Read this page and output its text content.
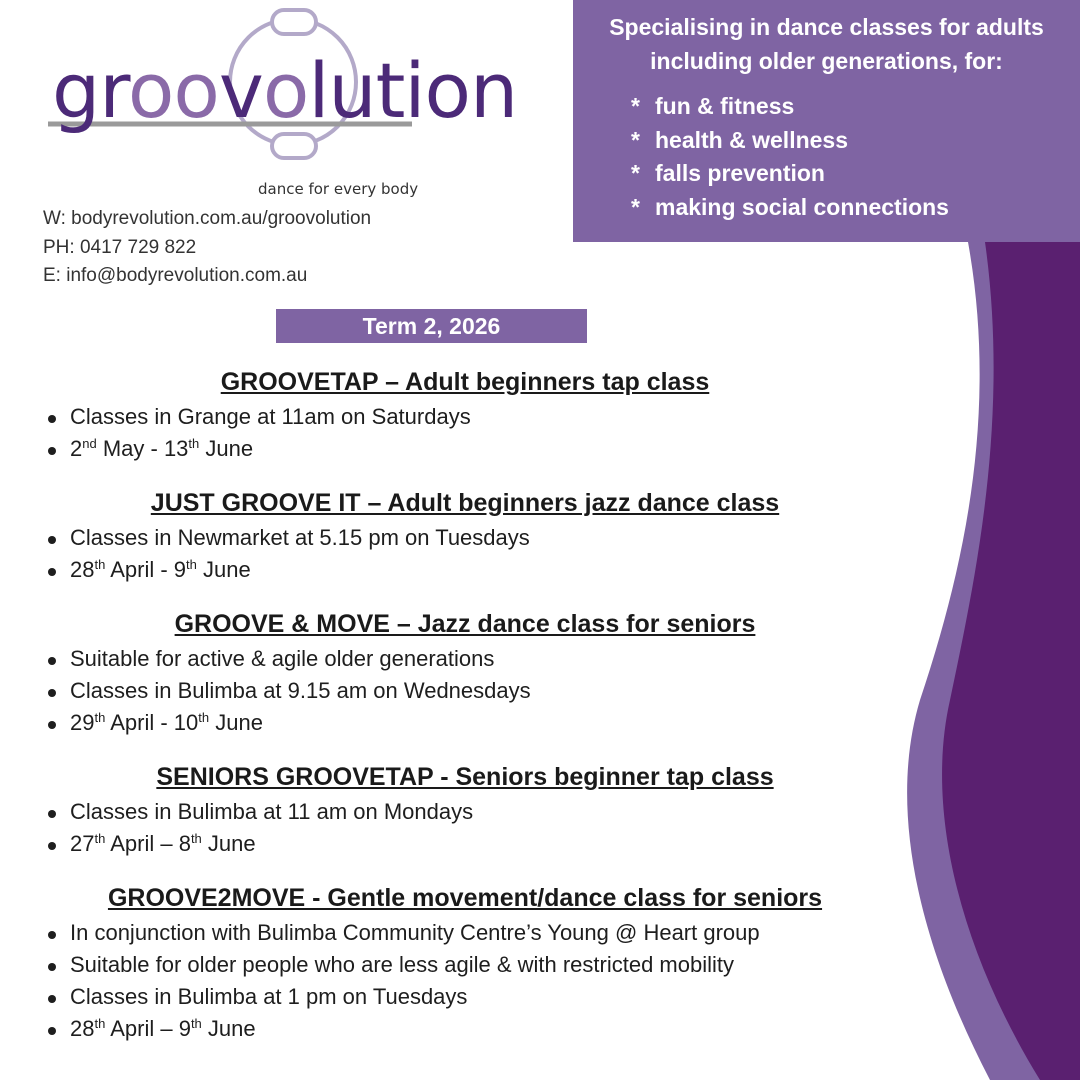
groovolution
dance for every body
W: bodyrevolution.com.au/groovolution
PH: 0417 729 822
E: info@bodyrevolution.com.au
Specialising in dance classes for adults
including older generations, for:
* fun & fitness
* health & wellness
* falls prevention
* making social connections
Term 2, 2026
GROOVETAP – Adult beginners tap class
Classes in Grange at 11am on Saturdays
2nd May - 13th June
JUST GROOVE IT – Adult beginners jazz dance class
Classes in Newmarket at 5.15 pm on Tuesdays
28th April - 9th June
GROOVE & MOVE – Jazz dance class for seniors
Suitable for active & agile older generations
Classes in Bulimba at 9.15 am on Wednesdays
29th April - 10th June
SENIORS GROOVETAP - Seniors beginner tap class
Classes in Bulimba at 11 am on Mondays
27th April – 8th June
GROOVE2MOVE - Gentle movement/dance class for seniors
In conjunction with Bulimba Community Centre’s Young @ Heart group
Suitable for older people who are less agile & with restricted mobility
Classes in Bulimba at 1 pm on Tuesdays
28th April – 9th June
